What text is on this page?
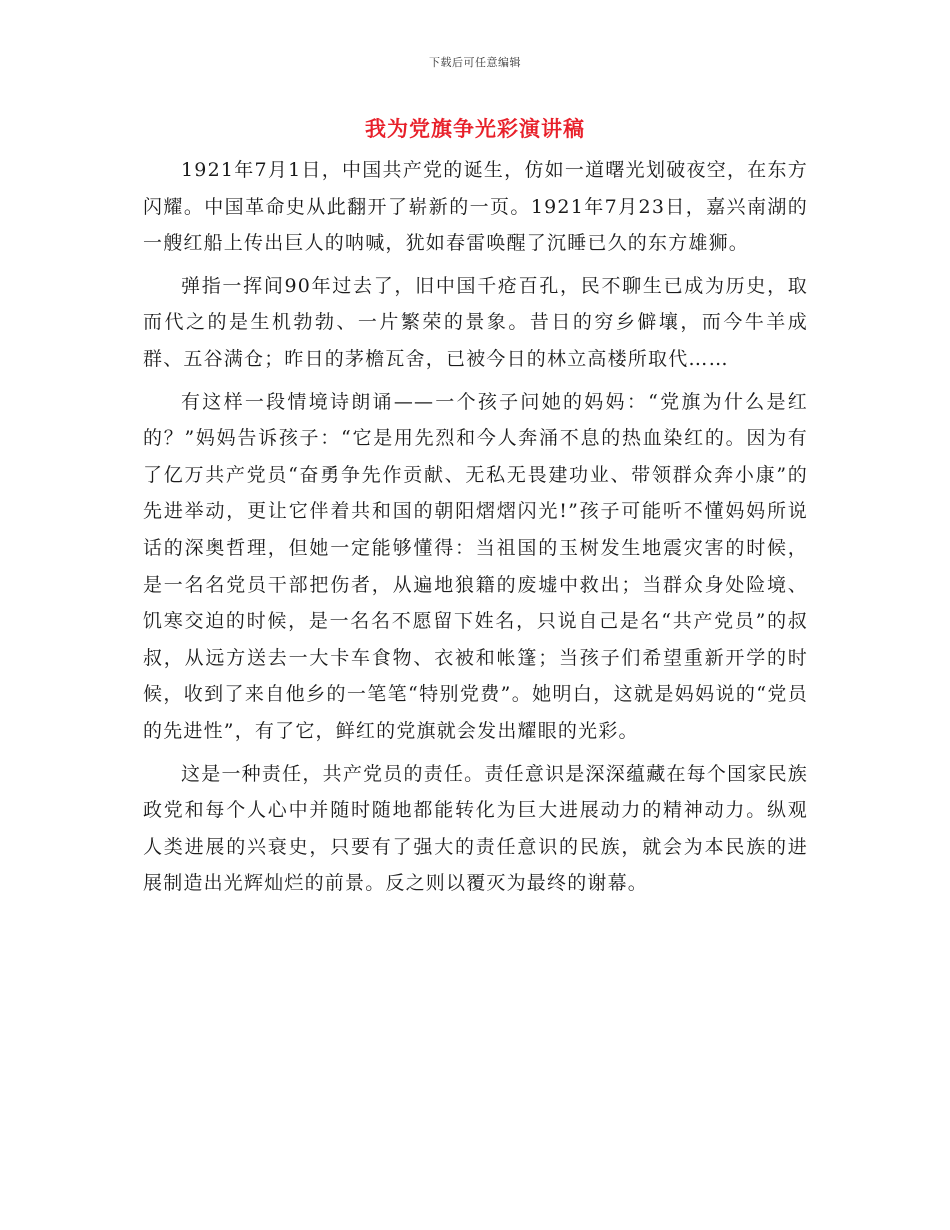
下载后可任意编辑
我为党旗争光彩演讲稿

1921年7月1日，中国共产党的诞生，仿如一道曙光划破夜空，在东方闪耀。中国革命史从此翻开了崭新的一页。1921年7月23日，嘉兴南湖的一艘红船上传出巨人的呐喊，犹如春雷唤醒了沉睡已久的东方雄狮。

弹指一挥间90年过去了，旧中国千疮百孔，民不聊生已成为历史，取而代之的是生机勃勃、一片繁荣的景象。昔日的穷乡僻壤，而今牛羊成群、五谷满仓；昨日的茅檐瓦舍，已被今日的林立高楼所取代……

有这样一段情境诗朗诵——一个孩子问她的妈妈：“党旗为什么是红的？”妈妈告诉孩子：“它是用先烈和今人奔涌不息的热血染红的。因为有了亿万共产党员“奋勇争先作贡献、无私无畏建功业、带领群众奔小康”的先进举动，更让它伴着共和国的朝阳熠熠闪光!”孩子可能听不懂妈妈所说话的深奥哲理，但她一定能够懂得：当祖国的玉树发生地震灾害的时候，是一名名党员干部把伤者，从遍地狼籍的废墟中救出；当群众身处险境、饥寒交迫的时候，是一名名不愿留下姓名，只说自己是名“共产党员”的叔叔，从远方送去一大卡车食物、衣被和帐篷；当孩子们希望重新开学的时候，收到了来自他乡的一笔笔“特别党费”。她明白，这就是妈妈说的“党员的先进性”，有了它，鲜红的党旗就会发出耀眼的光彩。

这是一种责任，共产党员的责任。责任意识是深深蕴藏在每个国家民族政党和每个人心中并随时随地都能转化为巨大进展动力的精神动力。纵观人类进展的兴衰史，只要有了强大的责任意识的民族，就会为本民族的进展制造出光辉灿烂的前景。反之则以覆灭为最终的谢幕。
